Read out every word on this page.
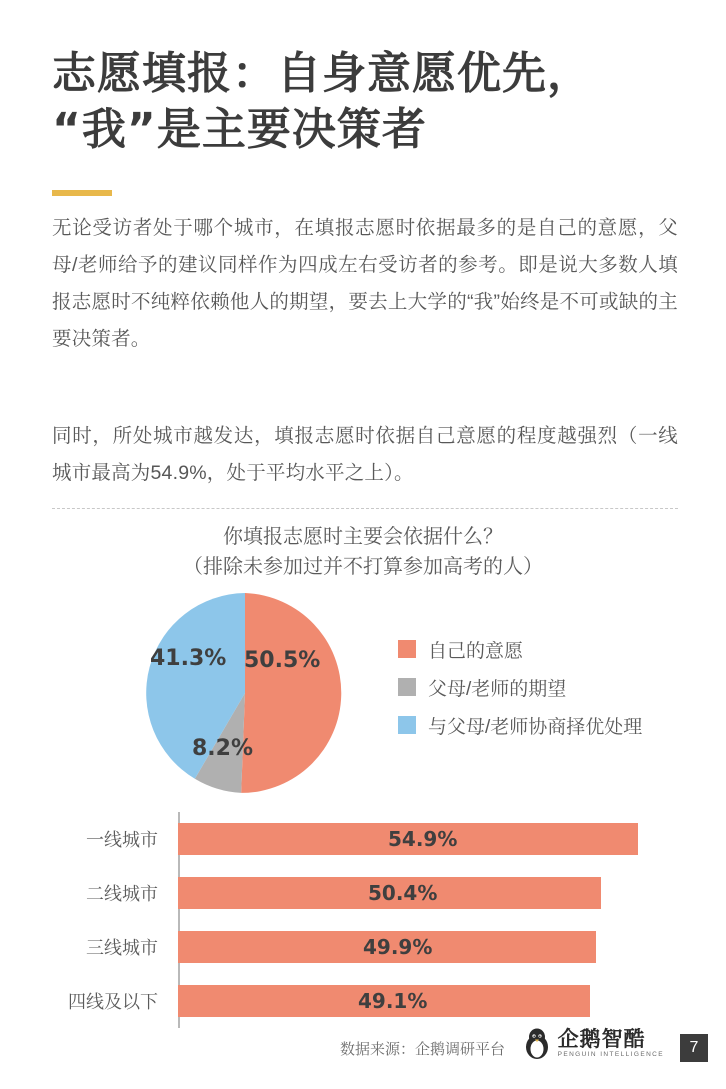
志愿填报：自身意愿优先，
“我”是主要决策者
无论受访者处于哪个城市，在填报志愿时依据最多的是自己的意愿，父母/老师给予的建议同样作为四成左右受访者的参考。即是说大多数人填报志愿时不纯粹依赖他人的期望，要去上大学的“我”始终是不可或缺的主要决策者。
同时，所处城市越发达，填报志愿时依据自己意愿的程度越强烈（一线城市最高为54.9%，处于平均水平之上）。
你填报志愿时主要会依据什么？
（排除未参加过并不打算参加高考的人）
50.5%
41.3%
8.2%
自己的意愿
父母/老师的期望
与父母/老师协商择优处理
一线城市	54.9%
二线城市	50.4%
三线城市	49.9%
四线及以下	49.1%
数据来源：企鹅调研平台	企鹅智酷
PENGUIN INTELLIGENCE	7
